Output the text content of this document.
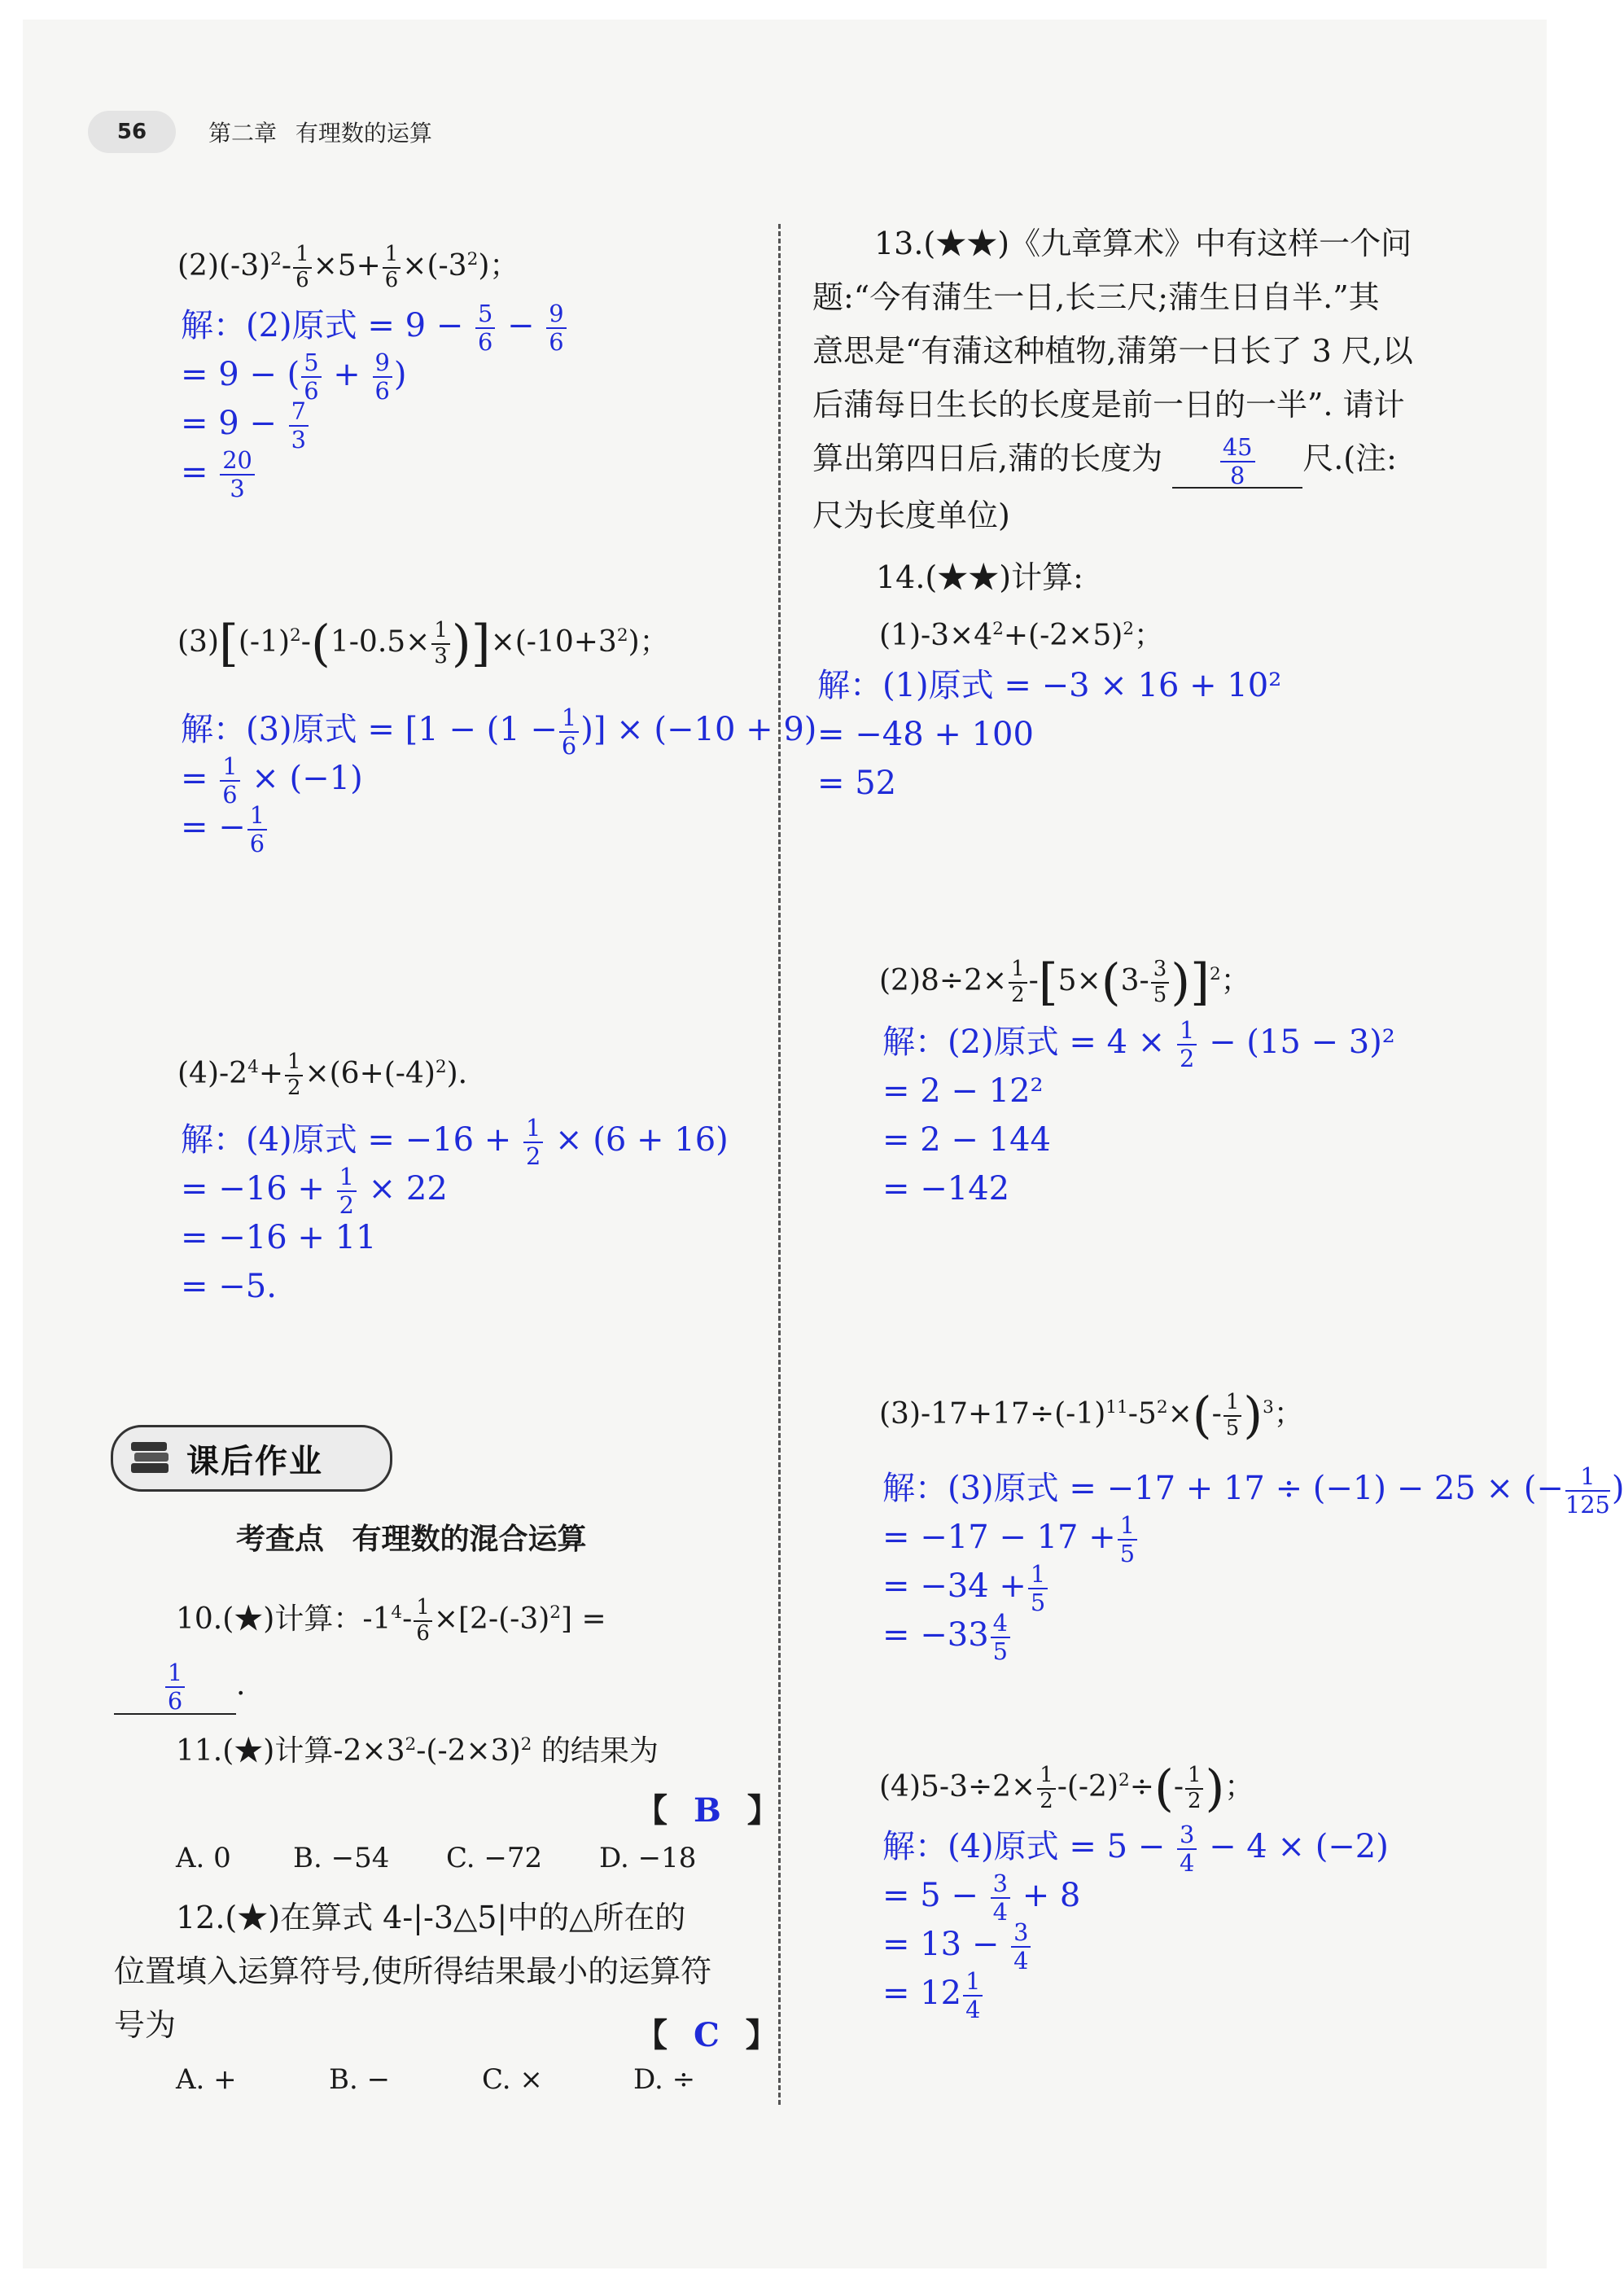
56	第二章 有理数的运算
$(2)(-3)^2- \frac{1}{6} \times 5+ \frac{1}{6} \times(-3^2)$；
解：(2)原式 = $9 - \frac{5}{6} - \frac{9}{6}$
= 9 − ( $\frac{5}{6} + \frac{9}{6}$ )
= $9 - \frac{7}{3}$
= $\frac{20}{3}$
$(3)[(-1)^2-(1-0.5\times \frac{1}{3} )]\times(-10+3^2)$；
解：(3)原式 = [$1 - (1 - \frac{1}{6}$ )] × (−10 + 9)
= $\frac{1}{6} \times (-1)$
= − $\frac{1}{6}$
$(4)-2^4+ \frac{1}{2} \times(6+(-4)^2)$．
解：(4)原式 = $-16 + \frac{1}{2} \times (6 + 16)$
= $-16 + \frac{1}{2} \times 22$
= −16 + 11
= −5.
课后作业
考查点 有理数的混合运算
10.(★)计算：$-1^4- \frac{1}{6} \times[2-(-3)^2]$ =
$\frac{1}{6}$ .
11.(★)计算$-2\times 3^2-(-2\times 3)^2$ 的结果为
【 B 】
A. 0 B. −54 C. −72 D. −18
12.(★)在算式 4-|-3△5|中的△所在的
位置填入运算符号,使所得结果最小的运算符
号为	【 C 】
A. +	B. −	C. ×	D. ÷
13.(★★)《九章算术》中有这样一个问
题:“今有蒲生一日,长三尺;蒲生日自半.”其
意思是“有蒲这种植物,蒲第一日长了 3 尺,以
后蒲每日生长的长度是前一日的一半”. 请计
算出第四日后,蒲的长度为 $\frac{45}{8}$ 尺.(注:
尺为长度单位)
14.(★★)计算:
$(1)-3\times 4^2+(-2\times 5)^2$；
解：(1)原式 = −3 × 16 + 10²
= −48 + 100
= 52
$(2)8\div 2\times \frac{1}{2} -[5\times(3- \frac{3}{5} )]^2$；
解：(2)原式 = $4 \times \frac{1}{2} - (15 - 3)^2$
= 2 − 12²
= 2 − 144
= −142
$(3)-17+17\div(-1)^{11}-5^2\times(- \frac{1}{5} )^3$；
解：(3)原式 = −17 + 17 ÷ (−1) − 25 × (− $\frac{1}{125}$ )
= $-17 - 17 + \frac{1}{5}$
= $-34 + \frac{1}{5}$
= $-33 \frac{4}{5}$
$(4)5-3\div 2\times \frac{1}{2} -(-2)^2\div(- \frac{1}{2}$ )；
解：(4)原式 = $5 - \frac{3}{4} - 4 \times (-2)$
= $5 - \frac{3}{4} + 8$
= $13 - \frac{3}{4}$
= $12 \frac{1}{4}$
